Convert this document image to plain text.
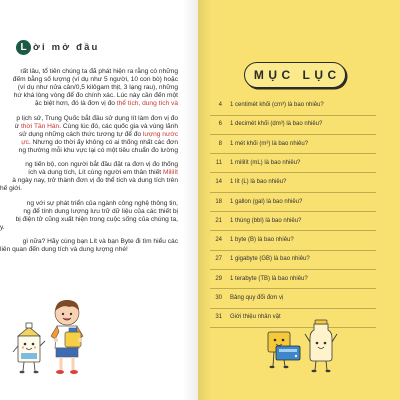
L ời mở đầu
rất lâu, tổ tiên chúng ta đã phát hiện ra rằng có những
đếm bằng số lượng (ví dụ như 5 người, 10 con bò) hoặc
(ví dụ như nửa cân/0,5 kilôgam thịt, 3 lạng rau), những
hứ khá lòng vòng để đo chính xác. Lúc này cần đến một
ặc biệt hơn, đó là đơn vị đo thể tích, dung tích và
p lịch sử, Trung Quốc bắt đầu sử dụng lít làm đơn vị đo
ừ thời Tần Hán. Cùng lúc đó, các quốc gia và vùng lãnh
sử dụng những cách thức tương tự để đo lượng nước
ực. Nhưng do thời ấy không có ai thống nhất các đơn
ng thường mỗi khu vực lại có một tiêu chuẩn đo lường
ng tiến bộ, con người bắt đầu đặt ra đơn vị đo thống
ích và dung tích, Lít cùng người em thân thiết Mililít
à ngày nay, trở thành đơn vị đo thể tích và dung tích trên
hế giới.
ng với sự phát triển của ngành công nghệ thông tin,
ng để tính dung lượng lưu trữ dữ liệu của các thiết bị
bị điện tử cũng xuất hiện trong cuộc sống của chúng ta,
y.
gì nữa? Hãy cùng bạn Lít và bạn Byte đi tìm hiểu các
liên quan đến dung tích và dung lượng nhé!
MỤC LỤC
4 1 centimét khối (cm³) là bao nhiêu?
6 1 decimét khối (dm³) là bao nhiêu?
8 1 mét khối (m³) là bao nhiêu?
11 1 mililít (mL) là bao nhiêu?
14 1 lít (L) là bao nhiêu?
18 1 gallon (gal) là bao nhiêu?
21 1 thùng (bbl) là bao nhiêu?
24 1 byte (B) là bao nhiêu?
27 1 gigabyte (GB) là bao nhiêu?
29 1 terabyte (TB) là bao nhiêu?
30 Bảng quy đổi đơn vị
31 Giới thiệu nhân vật
